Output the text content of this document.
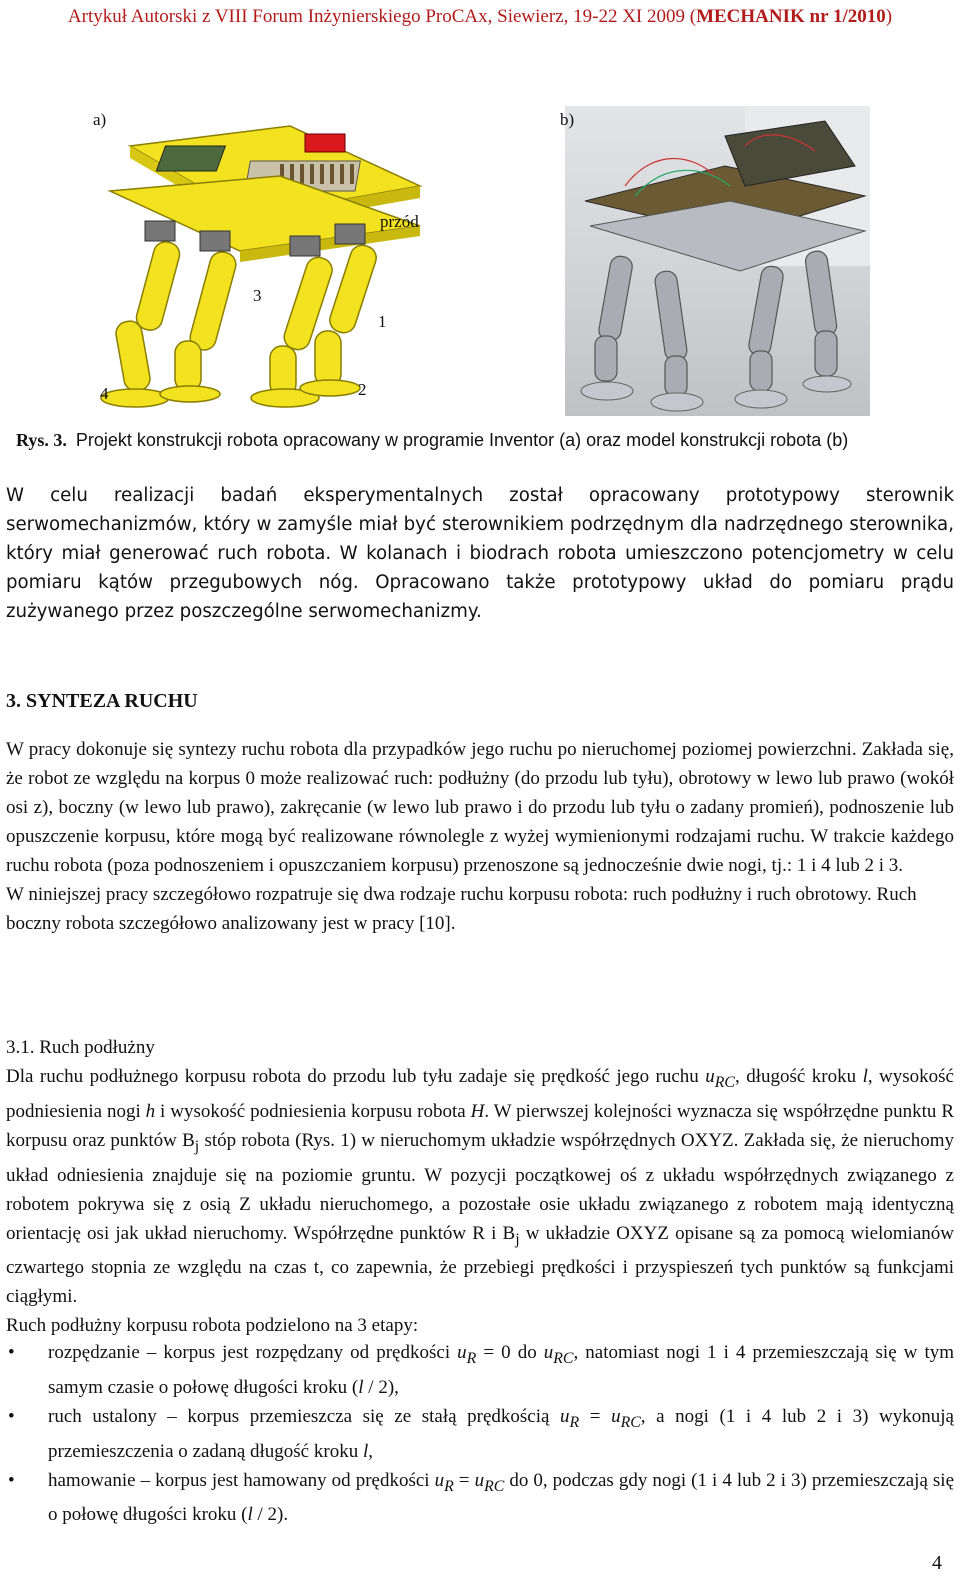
Artykuł Autorski z VIII Forum Inżynierskiego ProCAx, Siewierz, 19-22 XI 2009 (MECHANIK nr 1/2010)
a)	b)
przód
1
2
3
4
Rys. 3. Projekt konstrukcji robota opracowany w programie Inventor (a) oraz model konstrukcji robota (b)

W celu realizacji badań eksperymentalnych został opracowany prototypowy sterownik serwomechanizmów, który w zamyśle miał być sterownikiem podrzędnym dla nadrzędnego sterownika, który miał generować ruch robota. W kolanach i biodrach robota umieszczono potencjometry w celu pomiaru kątów przegubowych nóg. Opracowano także prototypowy układ do pomiaru prądu zużywanego przez poszczególne serwomechanizmy.

3. SYNTEZA RUCHU

W pracy dokonuje się syntezy ruchu robota dla przypadków jego ruchu po nieruchomej poziomej powierzchni. Zakłada się, że robot ze względu na korpus 0 może realizować ruch: podłużny (do przodu lub tyłu), obrotowy w lewo lub prawo (wokół osi z), boczny (w lewo lub prawo), zakręcanie (w lewo lub prawo i do przodu lub tyłu o zadany promień), podnoszenie lub opuszczenie korpusu, które mogą być realizowane równolegle z wyżej wymienionymi rodzajami ruchu. W trakcie każdego ruchu robota (poza podnoszeniem i opuszczaniem korpusu) przenoszone są jednocześnie dwie nogi, tj.: 1 i 4 lub 2 i 3.

W niniejszej pracy szczegółowo rozpatruje się dwa rodzaje ruchu korpusu robota: ruch podłużny i ruch obrotowy. Ruch boczny robota szczegółowo analizowany jest w pracy [10].

3.1. Ruch podłużny

Dla ruchu podłużnego korpusu robota do przodu lub tyłu zadaje się prędkość jego ruchu $u_{RC}$, długość kroku l, wysokość podniesienia nogi h i wysokość podniesienia korpusu robota H. W pierwszej kolejności wyznacza się współrzędne punktu R korpusu oraz punktów $B_j$ stóp robota (Rys. 1) w nieruchomym układzie współrzędnych OXYZ. Zakłada się, że nieruchomy układ odniesienia znajduje się na poziomie gruntu. W pozycji początkowej oś z układu współrzędnych związanego z robotem pokrywa się z osią Z układu nieruchomego, a pozostałe osie układu związanego z robotem mają identyczną orientację osi jak układ nieruchomy. Współrzędne punktów R i $B_j$ w układzie OXYZ opisane są za pomocą wielomianów czwartego stopnia ze względu na czas t, co zapewnia, że przebiegi prędkości i przyspieszeń tych punktów są funkcjami ciągłymi.

Ruch podłużny korpusu robota podzielono na 3 etapy:

• rozpędzanie – korpus jest rozpędzany od prędkości $u_R = 0$ do $u_{RC}$, natomiast nogi 1 i 4 przemieszczają się w tym samym czasie o połowę długości kroku (l / 2),
• ruch ustalony – korpus przemieszcza się ze stałą prędkością $u_R = u_{RC}$, a nogi (1 i 4 lub 2 i 3) wykonują przemieszczenia o zadaną długość kroku l,
• hamowanie – korpus jest hamowany od prędkości $u_R = u_{RC}$ do 0, podczas gdy nogi (1 i 4 lub 2 i 3) przemieszczają się o połowę długości kroku (l / 2).
4
